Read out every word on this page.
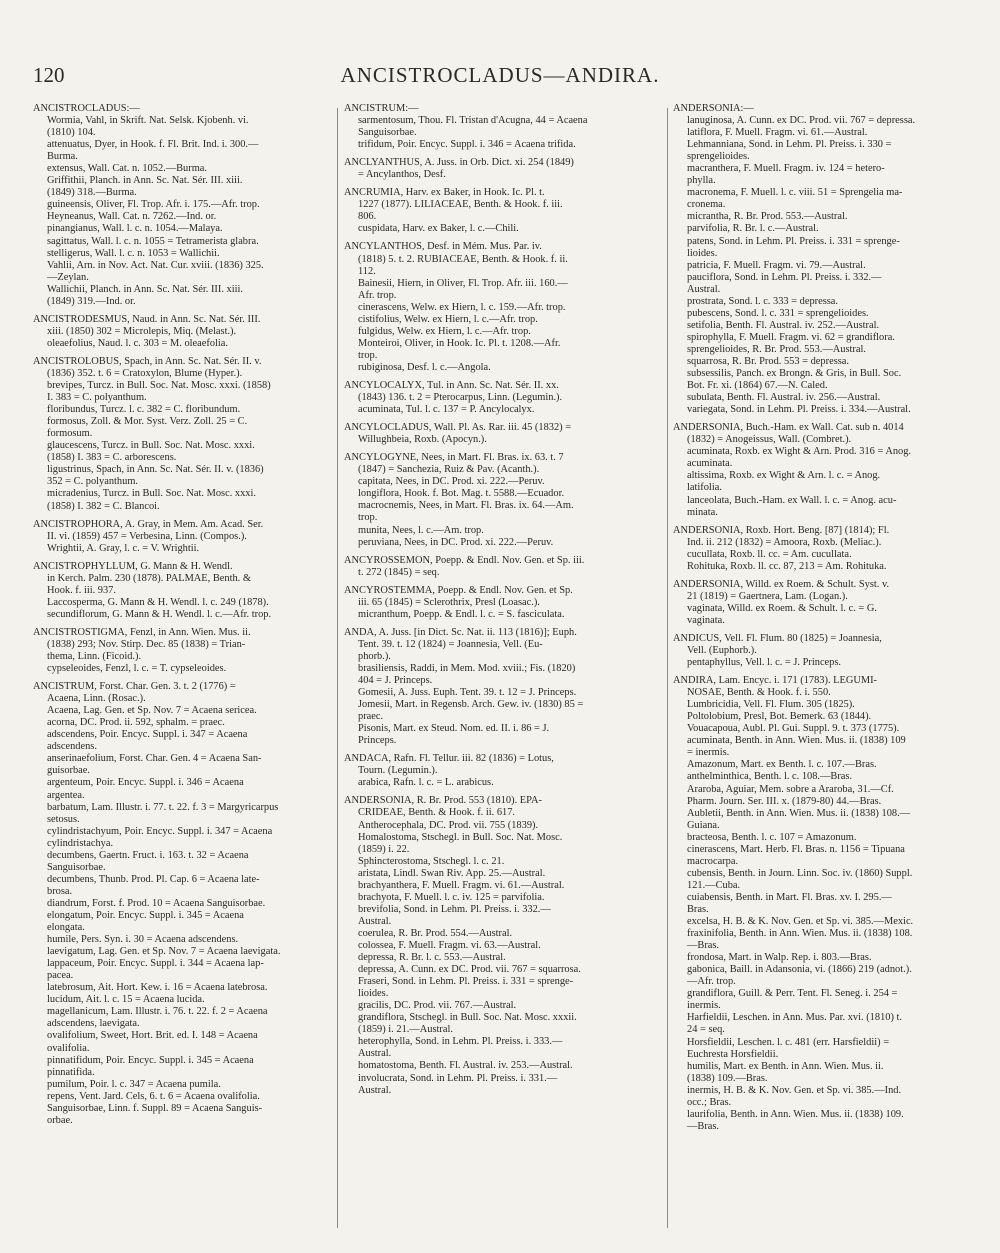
120	ANCISTROCLADUS—ANDIRA.
ANCISTROCLADUS:—
Wormia, Vahl, in Skrift. Nat. Selsk. Kjobenh. vi.
(1810) 104.
attenuatus, Dyer, in Hook. f. Fl. Brit. Ind. i. 300.—
Burma.
extensus, Wall. Cat. n. 1052.—Burma.
Griffithii, Planch. in Ann. Sc. Nat. Sér. III. xiii.
(1849) 318.—Burma.
guineensis, Oliver, Fl. Trop. Afr. i. 175.—Afr. trop.
Heyneanus, Wall. Cat. n. 7262.—Ind. or.
pinangianus, Wall. l. c. n. 1054.—Malaya.
sagittatus, Wall. l. c. n. 1055 = Tetramerista glabra.
stelligerus, Wall. l. c. n. 1053 = Wallichii.
Vahlii, Arn. in Nov. Act. Nat. Cur. xviii. (1836) 325.
—Zeylan.
Wallichii, Planch. in Ann. Sc. Nat. Sér. III. xiii.
(1849) 319.—Ind. or.
ANCISTRODESMUS, Naud. in Ann. Sc. Nat. Sér. III.
xiii. (1850) 302 = Microlepis, Miq. (Melast.).
oleaefolius, Naud. l. c. 303 = M. oleaefolia.
ANCISTROLOBUS, Spach, in Ann. Sc. Nat. Sér. II. v.
(1836) 352. t. 6 = Cratoxylon, Blume (Hyper.).
brevipes, Turcz. in Bull. Soc. Nat. Mosc. xxxi. (1858)
I. 383 = C. polyanthum.
floribundus, Turcz. l. c. 382 = C. floribundum.
formosus, Zoll. & Mor. Syst. Verz. Zoll. 25 = C.
formosum.
glaucescens, Turcz. in Bull. Soc. Nat. Mosc. xxxi.
(1858) I. 383 = C. arborescens.
ligustrinus, Spach, in Ann. Sc. Nat. Sér. II. v. (1836)
352 = C. polyanthum.
micradenius, Turcz. in Bull. Soc. Nat. Mosc. xxxi.
(1858) I. 382 = C. Blancoi.
ANCISTROPHORA, A. Gray, in Mem. Am. Acad. Ser.
II. vi. (1859) 457 = Verbesina, Linn. (Compos.).
Wrightii, A. Gray, l. c. = V. Wrightii.
ANCISTROPHYLLUM, G. Mann & H. Wendl.
in Kerch. Palm. 230 (1878). PALMAE, Benth. &
Hook. f. iii. 937.
Laccosperma, G. Mann & H. Wendl. l. c. 249 (1878).
secundiflorum, G. Mann & H. Wendl. l. c.—Afr. trop.
ANCISTROSTIGMA, Fenzl, in Ann. Wien. Mus. ii.
(1838) 293; Nov. Stirp. Dec. 85 (1838) = Trian-
thema, Linn. (Ficoid.).
cypseleoides, Fenzl, l. c. = T. cypseleoides.
ANCISTRUM, Forst. Char. Gen. 3. t. 2 (1776) =
Acaena, Linn. (Rosac.).
Acaena, Lag. Gen. et Sp. Nov. 7 = Acaena sericea.
acorna, DC. Prod. ii. 592, sphalm. = praec.
adscendens, Poir. Encyc. Suppl. i. 347 = Acaena
adscendens.
anserinaefolium, Forst. Char. Gen. 4 = Acaena San-
guisorbae.
argenteum, Poir. Encyc. Suppl. i. 346 = Acaena
argentea.
barbatum, Lam. Illustr. i. 77. t. 22. f. 3 = Margyricarpus
setosus.
cylindristachyum, Poir. Encyc. Suppl. i. 347 = Acaena
cylindristachya.
decumbens, Gaertn. Fruct. i. 163. t. 32 = Acaena
Sanguisorbae.
decumbens, Thunb. Prod. Pl. Cap. 6 = Acaena late-
brosa.
diandrum, Forst. f. Prod. 10 = Acaena Sanguisorbae.
elongatum, Poir. Encyc. Suppl. i. 345 = Acaena
elongata.
humile, Pers. Syn. i. 30 = Acaena adscendens.
laevigatum, Lag. Gen. et Sp. Nov. 7 = Acaena laevigata.
lappaceum, Poir. Encyc. Suppl. i. 344 = Acaena lap-
pacea.
latebrosum, Ait. Hort. Kew. i. 16 = Acaena latebrosa.
lucidum, Ait. l. c. 15 = Acaena lucida.
magellanicum, Lam. Illustr. i. 76. t. 22. f. 2 = Acaena
adscendens, laevigata.
ovalifolium, Sweet, Hort. Brit. ed. I. 148 = Acaena
ovalifolia.
pinnatifidum, Poir. Encyc. Suppl. i. 345 = Acaena
pinnatifida.
pumilum, Poir. l. c. 347 = Acaena pumila.
repens, Vent. Jard. Cels, 6. t. 6 = Acaena ovalifolia.
Sanguisorbae, Linn. f. Suppl. 89 = Acaena Sanguis-
orbae.
ANCISTRUM:—
sarmentosum, Thou. Fl. Tristan d'Acugna, 44 = Acaena
Sanguisorbae.
trifidum, Poir. Encyc. Suppl. i. 346 = Acaena trifida.
ANCLYANTHUS, A. Juss. in Orb. Dict. xi. 254 (1849)
= Ancylanthos, Desf.
ANCRUMIA, Harv. ex Baker, in Hook. Ic. Pl. t.
1227 (1877). LILIACEAE, Benth. & Hook. f. iii.
806.
cuspidata, Harv. ex Baker, l. c.—Chili.
ANCYLANTHOS, Desf. in Mém. Mus. Par. iv.
(1818) 5. t. 2. RUBIACEAE, Benth. & Hook. f. ii.
112.
Bainesii, Hiern, in Oliver, Fl. Trop. Afr. iii. 160.—
Afr. trop.
cinerascens, Welw. ex Hiern, l. c. 159.—Afr. trop.
cistifolius, Welw. ex Hiern, l. c.—Afr. trop.
fulgidus, Welw. ex Hiern, l. c.—Afr. trop.
Monteiroi, Oliver, in Hook. Ic. Pl. t. 1208.—Afr.
trop.
rubiginosa, Desf. l. c.—Angola.
ANCYLOCALYX, Tul. in Ann. Sc. Nat. Sér. II. xx.
(1843) 136. t. 2 = Pterocarpus, Linn. (Legumin.).
acuminata, Tul. l. c. 137 = P. Ancylocalyx.
ANCYLOCLADUS, Wall. Pl. As. Rar. iii. 45 (1832) =
Willughbeia, Roxb. (Apocyn.).
ANCYLOGYNE, Nees, in Mart. Fl. Bras. ix. 63. t. 7
(1847) = Sanchezia, Ruiz & Pav. (Acanth.).
capitata, Nees, in DC. Prod. xi. 222.—Peruv.
longiflora, Hook. f. Bot. Mag. t. 5588.—Ecuador.
macrocnemis, Nees, in Mart. Fl. Bras. ix. 64.—Am.
trop.
munita, Nees, l. c.—Am. trop.
peruviana, Nees, in DC. Prod. xi. 222.—Peruv.
ANCYROSSEMON, Poepp. & Endl. Nov. Gen. et Sp. iii.
t. 272 (1845) = seq.
ANCYROSTEMMA, Poepp. & Endl. Nov. Gen. et Sp.
iii. 65 (1845) = Sclerothrix, Presl (Loasac.).
micranthum, Poepp. & Endl. l. c. = S. fasciculata.
ANDA, A. Juss. [in Dict. Sc. Nat. ii. 113 (1816)]; Euph.
Tent. 39. t. 12 (1824) = Joannesia, Vell. (Eu-
phorb.).
brasiliensis, Raddi, in Mem. Mod. xviii.; Fis. (1820)
404 = J. Princeps.
Gomesii, A. Juss. Euph. Tent. 39. t. 12 = J. Princeps.
Jomesii, Mart. in Regensb. Arch. Gew. iv. (1830) 85 =
praec.
Pisonis, Mart. ex Steud. Nom. ed. II. i. 86 = J.
Princeps.
ANDACA, Rafn. Fl. Tellur. iii. 82 (1836) = Lotus,
Tourn. (Legumin.).
arabica, Rafn. l. c. = L. arabicus.
ANDERSONIA, R. Br. Prod. 553 (1810). EPA-
CRIDEAE, Benth. & Hook. f. ii. 617.
Antherocephala, DC. Prod. vii. 755 (1839).
Homalostoma, Stschegl. in Bull. Soc. Nat. Mosc.
(1859) i. 22.
Sphincterostoma, Stschegl. l. c. 21.
aristata, Lindl. Swan Riv. App. 25.—Austral.
brachyanthera, F. Muell. Fragm. vi. 61.—Austral.
brachyota, F. Muell. l. c. iv. 125 = parvifolia.
brevifolia, Sond. in Lehm. Pl. Preiss. i. 332.—
Austral.
coerulea, R. Br. Prod. 554.—Austral.
colossea, F. Muell. Fragm. vi. 63.—Austral.
depressa, R. Br. l. c. 553.—Austral.
depressa, A. Cunn. ex DC. Prod. vii. 767 = squarrosa.
Fraseri, Sond. in Lehm. Pl. Preiss. i. 331 = sprenge-
lioides.
gracilis, DC. Prod. vii. 767.—Austral.
grandiflora, Stschegl. in Bull. Soc. Nat. Mosc. xxxii.
(1859) i. 21.—Austral.
heterophylla, Sond. in Lehm. Pl. Preiss. i. 333.—
Austral.
homatostoma, Benth. Fl. Austral. iv. 253.—Austral.
involucrata, Sond. in Lehm. Pl. Preiss. i. 331.—
Austral.
ANDERSONIA:—
lanuginosa, A. Cunn. ex DC. Prod. vii. 767 = depressa.
latiflora, F. Muell. Fragm. vi. 61.—Austral.
Lehmanniana, Sond. in Lehm. Pl. Preiss. i. 330 =
sprengelioides.
macranthera, F. Muell. Fragm. iv. 124 = hetero-
phylla.
macronema, F. Muell. l. c. viii. 51 = Sprengelia ma-
cronema.
micrantha, R. Br. Prod. 553.—Austral.
parvifolia, R. Br. l. c.—Austral.
patens, Sond. in Lehm. Pl. Preiss. i. 331 = sprenge-
lioides.
patricia, F. Muell. Fragm. vi. 79.—Austral.
pauciflora, Sond. in Lehm. Pl. Preiss. i. 332.—
Austral.
prostrata, Sond. l. c. 333 = depressa.
pubescens, Sond. l. c. 331 = sprengelioides.
setifolia, Benth. Fl. Austral. iv. 252.—Austral.
spirophylla, F. Muell. Fragm. vi. 62 = grandiflora.
sprengelioides, R. Br. Prod. 553.—Austral.
squarrosa, R. Br. Prod. 553 = depressa.
subsessilis, Panch. ex Brongn. & Gris, in Bull. Soc.
Bot. Fr. xi. (1864) 67.—N. Caled.
subulata, Benth. Fl. Austral. iv. 256.—Austral.
variegata, Sond. in Lehm. Pl. Preiss. i. 334.—Austral.
ANDERSONIA, Buch.-Ham. ex Wall. Cat. sub n. 4014
(1832) = Anogeissus, Wall. (Combret.).
acuminata, Roxb. ex Wight & Arn. Prod. 316 = Anog.
acuminata.
altissima, Roxb. ex Wight & Arn. l. c. = Anog.
latifolia.
lanceolata, Buch.-Ham. ex Wall. l. c. = Anog. acu-
minata.
ANDERSONIA, Roxb. Hort. Beng. [87] (1814); Fl.
Ind. ii. 212 (1832) = Amoora, Roxb. (Meliac.).
cucullata, Roxb. ll. cc. = Am. cucullata.
Rohituka, Roxb. ll. cc. 87, 213 = Am. Rohituka.
ANDERSONIA, Willd. ex Roem. & Schult. Syst. v.
21 (1819) = Gaertnera, Lam. (Logan.).
vaginata, Willd. ex Roem. & Schult. l. c. = G.
vaginata.
ANDICUS, Vell. Fl. Flum. 80 (1825) = Joannesia,
Vell. (Euphorb.).
pentaphyllus, Vell. l. c. = J. Princeps.
ANDIRA, Lam. Encyc. i. 171 (1783). LEGUMI-
NOSAE, Benth. & Hook. f. i. 550.
Lumbricidia, Vell. Fl. Flum. 305 (1825).
Poltolobium, Presl, Bot. Bemerk. 63 (1844).
Vouacapoua, Aubl. Pl. Gui. Suppl. 9. t. 373 (1775).
acuminata, Benth. in Ann. Wien. Mus. ii. (1838) 109
= inermis.
Amazonum, Mart. ex Benth. l. c. 107.—Bras.
anthelminthica, Benth. l. c. 108.—Bras.
Araroba, Aguiar, Mem. sobre a Araroba, 31.—Cf.
Pharm. Journ. Ser. III. x. (1879-80) 44.—Bras.
Aubletii, Benth. in Ann. Wien. Mus. ii. (1838) 108.—
Guiana.
bracteosa, Benth. l. c. 107 = Amazonum.
cinerascens, Mart. Herb. Fl. Bras. n. 1156 = Tipuana
macrocarpa.
cubensis, Benth. in Journ. Linn. Soc. iv. (1860) Suppl.
121.—Cuba.
cuiabensis, Benth. in Mart. Fl. Bras. xv. I. 295.—
Bras.
excelsa, H. B. & K. Nov. Gen. et Sp. vi. 385.—Mexic.
fraxinifolia, Benth. in Ann. Wien. Mus. ii. (1838) 108.
—Bras.
frondosa, Mart. in Walp. Rep. i. 803.—Bras.
gabonica, Baill. in Adansonia, vi. (1866) 219 (adnot.).
—Afr. trop.
grandiflora, Guill. & Perr. Tent. Fl. Seneg. i. 254 =
inermis.
Harfieldii, Leschen. in Ann. Mus. Par. xvi. (1810) t.
24 = seq.
Horsfieldii, Leschen. l. c. 481 (err. Harsfieldii) =
Euchresta Horsfieldii.
humilis, Mart. ex Benth. in Ann. Wien. Mus. ii.
(1838) 109.—Bras.
inermis, H. B. & K. Nov. Gen. et Sp. vi. 385.—Ind.
occ.; Bras.
laurifolia, Benth. in Ann. Wien. Mus. ii. (1838) 109.
—Bras.
